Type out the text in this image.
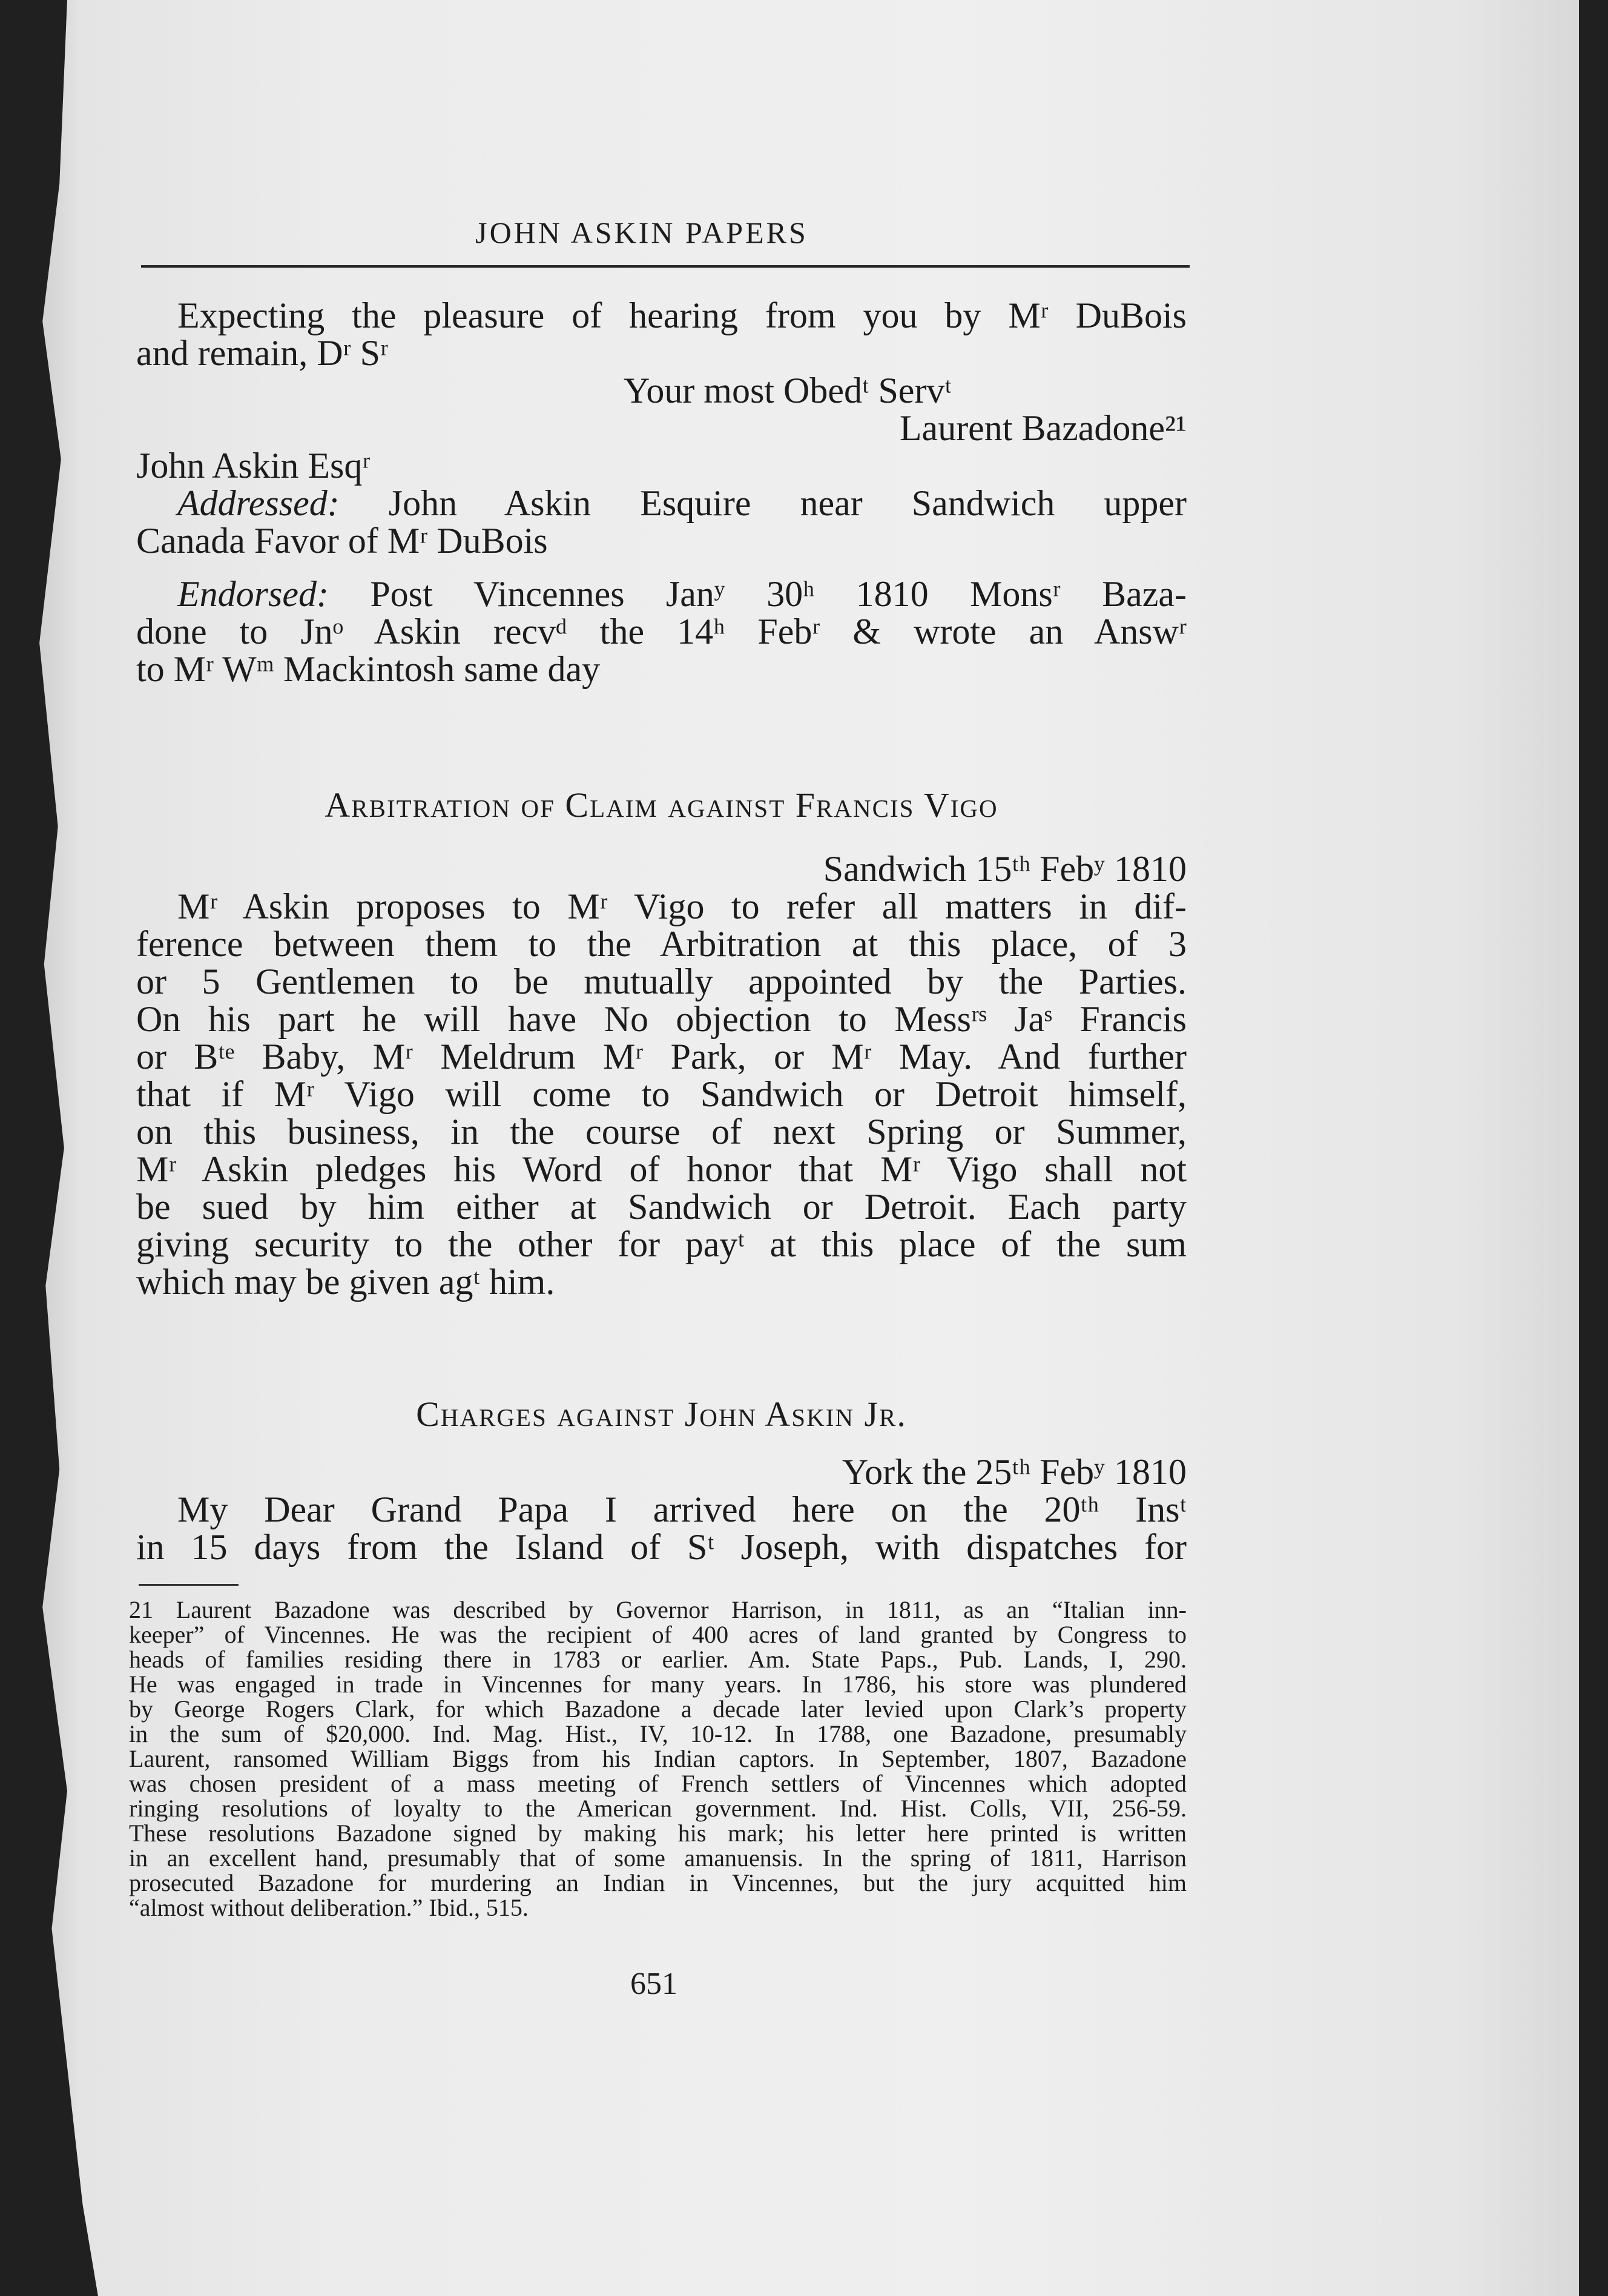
JOHN ASKIN PAPERS
Expecting the pleasure of hearing from you by Mʳ DuBois
and remain, Dʳ Sʳ
Your most Obedᵗ Servᵗ
Laurent Bazadone²¹
John Askin Esqʳ
Addressed: John Askin Esquire near Sandwich upper
Canada Favor of Mʳ DuBois
Endorsed: Post Vincennes Janʸ 30ʰ 1810 Monsʳ Baza-
done to Jnᵒ Askin recvᵈ the 14ʰ Febʳ & wrote an Answʳ
to Mʳ Wᵐ Mackintosh same day
Arbitration of Claim against Francis Vigo
Sandwich 15ᵗʰ Febʸ 1810
Mʳ Askin proposes to Mʳ Vigo to refer all matters in dif-
ference between them to the Arbitration at this place, of 3
or 5 Gentlemen to be mutually appointed by the Parties.
On his part he will have No objection to Messʳˢ Jaˢ Francis
or Bᵗᵉ Baby, Mʳ Meldrum Mʳ Park, or Mʳ May. And further
that if Mʳ Vigo will come to Sandwich or Detroit himself,
on this business, in the course of next Spring or Summer,
Mʳ Askin pledges his Word of honor that Mʳ Vigo shall not
be sued by him either at Sandwich or Detroit. Each party
giving security to the other for payᵗ at this place of the sum
which may be given agᵗ him.
Charges against John Askin Jr.
York the 25ᵗʰ Febʸ 1810
My Dear Grand Papa I arrived here on the 20ᵗʰ Insᵗ
in 15 days from the Island of Sᵗ Joseph, with dispatches for
21 Laurent Bazadone was described by Governor Harrison, in 1811, as an “Italian inn-
keeper” of Vincennes. He was the recipient of 400 acres of land granted by Congress to
heads of families residing there in 1783 or earlier. Am. State Paps., Pub. Lands, I, 290.
He was engaged in trade in Vincennes for many years. In 1786, his store was plundered
by George Rogers Clark, for which Bazadone a decade later levied upon Clark’s property
in the sum of $20,000. Ind. Mag. Hist., IV, 10-12. In 1788, one Bazadone, presumably
Laurent, ransomed William Biggs from his Indian captors. In September, 1807, Bazadone
was chosen president of a mass meeting of French settlers of Vincennes which adopted
ringing resolutions of loyalty to the American government. Ind. Hist. Colls, VII, 256-59.
These resolutions Bazadone signed by making his mark; his letter here printed is written
in an excellent hand, presumably that of some amanuensis. In the spring of 1811, Harrison
prosecuted Bazadone for murdering an Indian in Vincennes, but the jury acquitted him
“almost without deliberation.” Ibid., 515.
651
